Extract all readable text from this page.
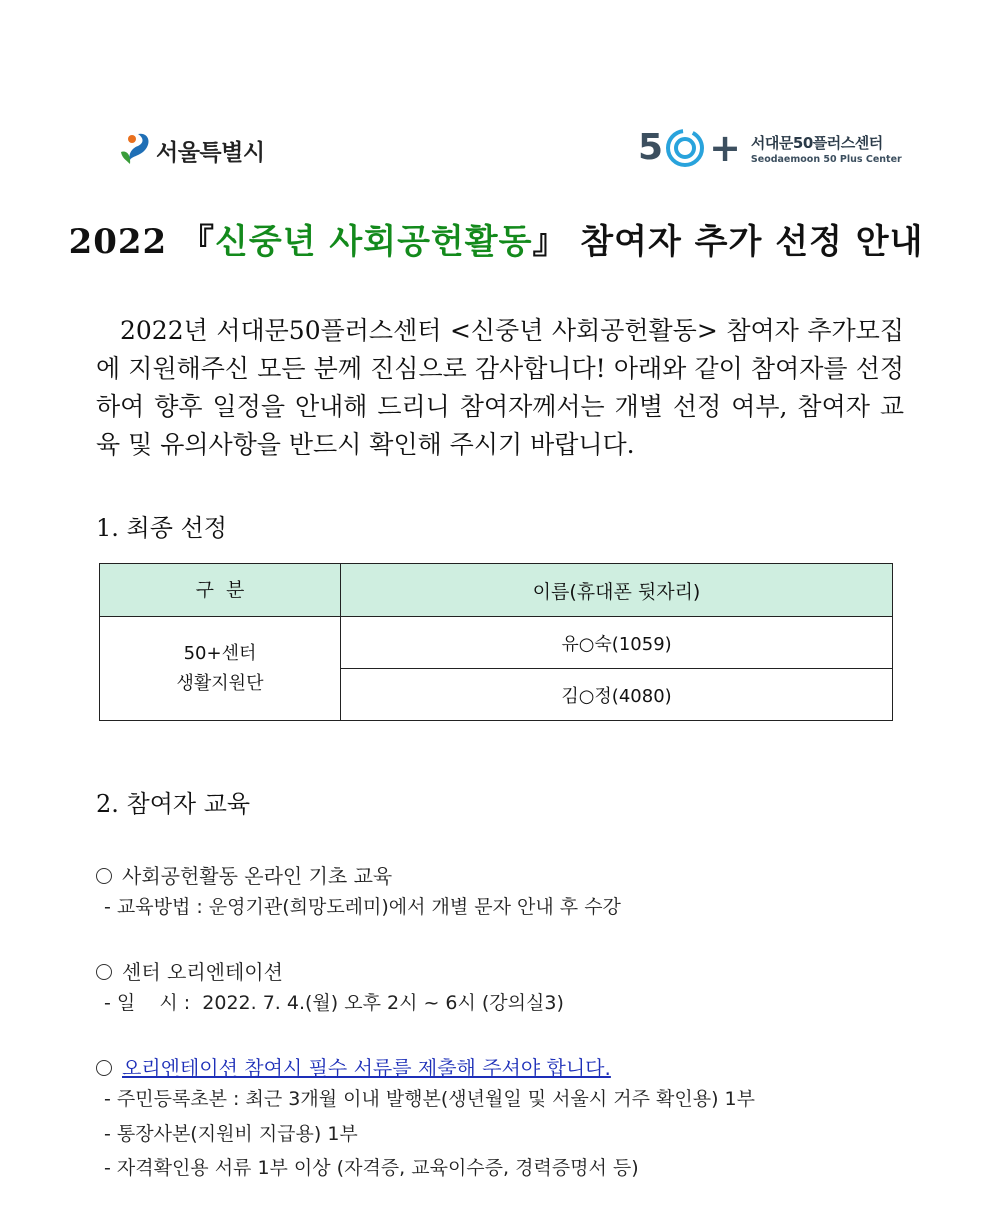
서울특별시	5 + 서대문50플러스센터
Seodaemoon 50 Plus Center
2022 『신중년 사회공헌활동』 참여자 추가 선정 안내

2022년 서대문50플러스센터 <신중년 사회공헌활동> 참여자 추가모집에 지원해주신 모든 분께 진심으로 감사합니다! 아래와 같이 참여자를 선정하여 향후 일정을 안내해 드리니 참여자께서는 개별 선정 여부, 참여자 교육 및 유의사항을 반드시 확인해 주시기 바랍니다.

1. 최종 선정
구  분	이름(휴대폰 뒷자리)

50+센터
생활지원단	유○숙(1059)
	김○정(4080)
2. 참여자 교육
사회공헌활동 온라인 기초 교육
- 교육방법 : 운영기관(희망도레미)에서 개별 문자 안내 후 수강
센터 오리엔테이션
- 일    시 :  2022. 7. 4.(월) 오후 2시 ~ 6시 (강의실3)
오리엔테이션 참여시 필수 서류를 제출해 주셔야 합니다.
- 주민등록초본 : 최근 3개월 이내 발행본(생년월일 및 서울시 거주 확인용) 1부
- 통장사본(지원비 지급용) 1부
- 자격확인용 서류 1부 이상 (자격증, 교육이수증, 경력증명서 등)
